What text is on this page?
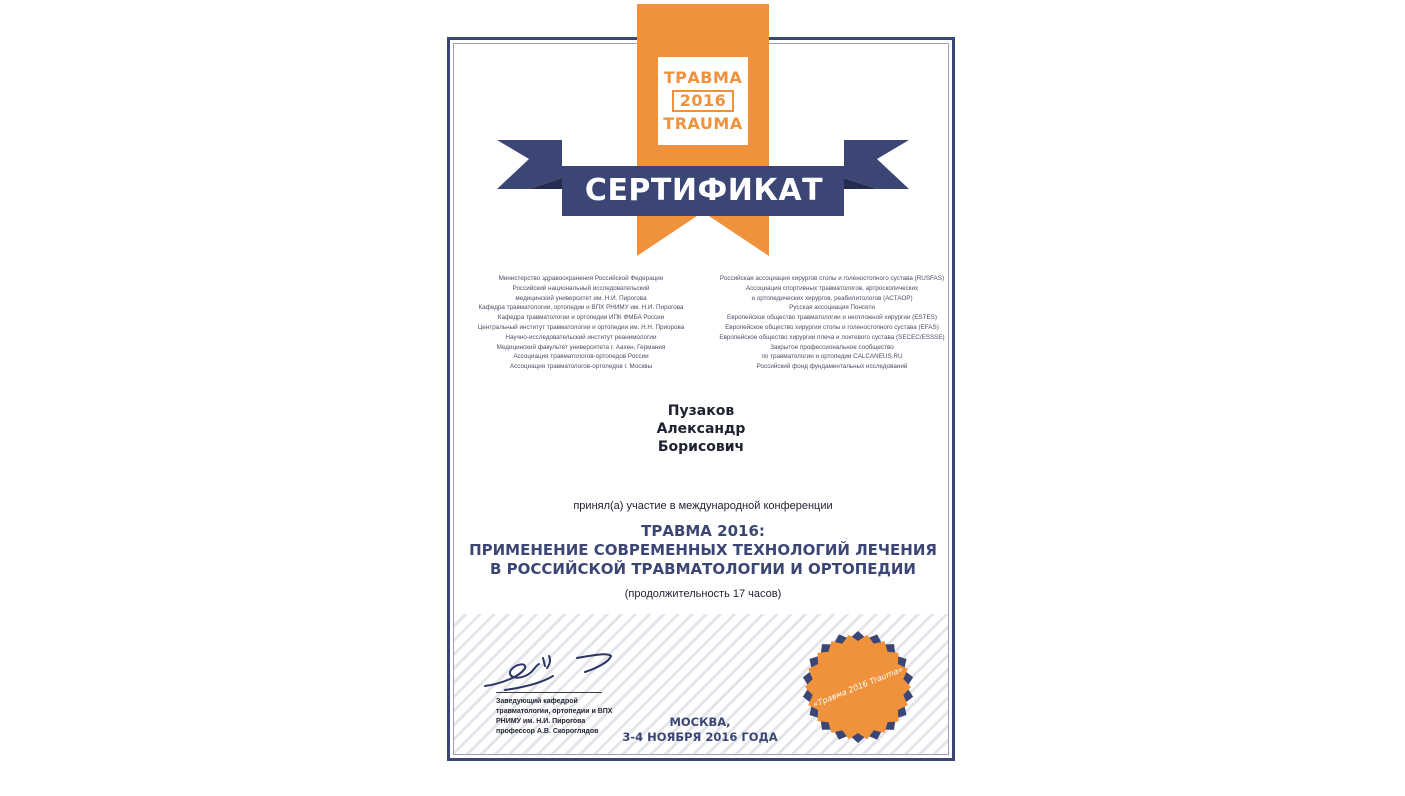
ТРАВМА
2016
TRAUMA
СЕРТИФИКАТ
Министерство здравоохранения Российской Федерации
Российский национальный исследовательский
медицинский университет им. Н.И. Пирогова
Кафедра травматологии, ортопедии и ВПХ РНИМУ им. Н.И. Пирогова
Кафедра травматологии и ортопедии ИПК ФМБА России
Центральный институт травматологии и ортопедии им. Н.Н. Приорова
Научно-исследовательский институт реанимологии
Медицинский факультет университета г. Аахен, Германия
Ассоциация травматологов-ортопедов России
Ассоциация травматологов-ортопедов г. Москвы
Российская ассоциация хирургов стопы и голеностопного сустава (RUSFAS)
Ассоциация спортивных травматологов, артроскопических
и ортопедических хирургов, реабилитологов (АСТАОР)
Русская ассоциация Понсети
Европейское общество травматологии и неотложной хирургии (ESTES)
Европейское общество хирургии стопы и голеностопного сустава (EFAS)
Европейское общество хирургии плеча и локтевого сустава (SECEC/ESSSE)
Закрытое профессиональное сообщество
по травматологии и ортопедии CALCANEUS.RU
Российский фонд фундаментальных исследований
Пузаков
Александр
Борисович
принял(а) участие в международной конференции
ТРАВМА 2016:
ПРИМЕНЕНИЕ СОВРЕМЕННЫХ ТЕХНОЛОГИЙ ЛЕЧЕНИЯ
В РОССИЙСКОЙ ТРАВМАТОЛОГИИ И ОРТОПЕДИИ
(продолжительность 17 часов)
Заведующий кафедрой
травматологии, ортопедии и ВПХ
РНИМУ им. Н.И. Пирогова
профессор А.В. Скороглядов
МОСКВА,
3-4 НОЯБРЯ 2016 ГОДА
«Травма 2016 Trauma»
